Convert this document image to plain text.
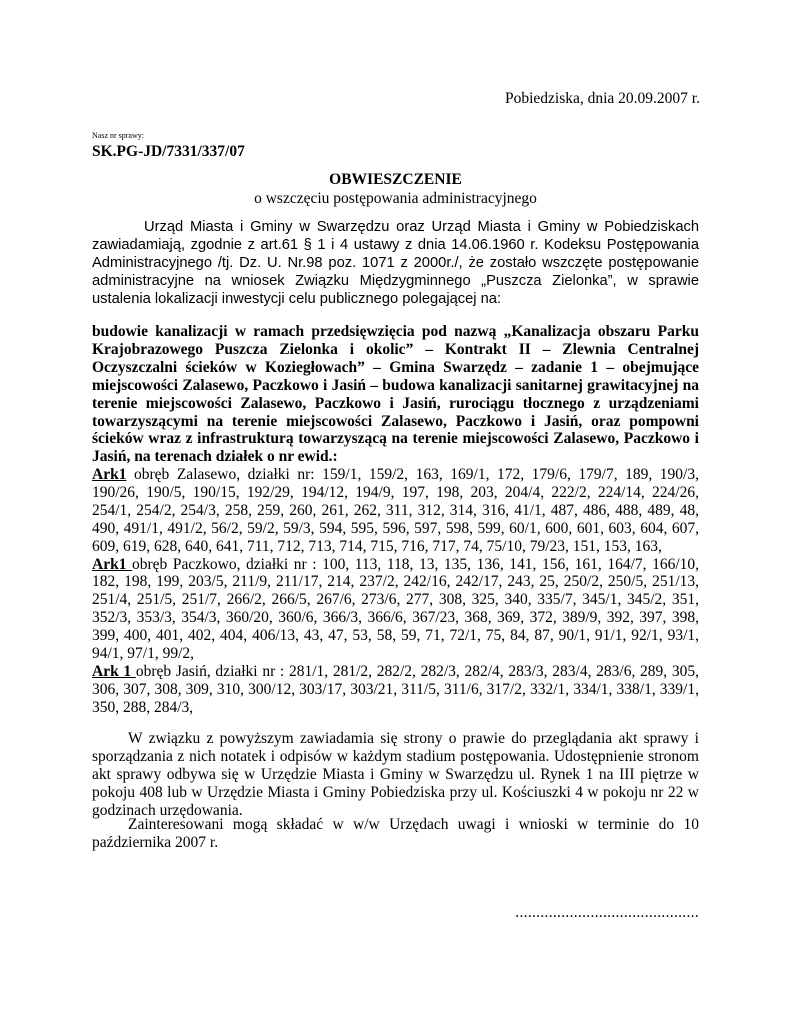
Pobiedziska, dnia 20.09.2007 r.
Nasz nr sprawy:
SK.PG-JD/7331/337/07
OBWIESZCZENIE
o wszczęciu postępowania administracyjnego
Urząd Miasta i Gminy w Swarzędzu oraz Urząd Miasta i Gminy w Pobiedziskach zawiadamiają, zgodnie z art.61 § 1 i 4 ustawy z dnia 14.06.1960 r. Kodeksu Postępowania Administracyjnego /tj. Dz. U. Nr.98 poz. 1071 z 2000r./, że zostało wszczęte postępowanie administracyjne na wniosek Związku Międzygminnego „Puszcza Zielonka”, w sprawie ustalenia lokalizacji inwestycji celu publicznego polegającej na:
budowie kanalizacji w ramach przedsięwzięcia pod nazwą „Kanalizacja obszaru Parku Krajobrazowego Puszcza Zielonka i okolic” – Kontrakt II – Zlewnia Centralnej Oczyszczalni ścieków w Koziegłowach” – Gmina Swarzędz – zadanie 1 – obejmujące miejscowości Zalasewo, Paczkowo i Jasiń – budowa kanalizacji sanitarnej grawitacyjnej na terenie miejscowości Zalasewo, Paczkowo i Jasiń, rurociągu tłocznego z urządzeniami towarzyszącymi na terenie miejscowości Zalasewo, Paczkowo i Jasiń, oraz pompowni ścieków wraz z infrastrukturą towarzyszącą na terenie miejscowości Zalasewo, Paczkowo i Jasiń, na terenach działek o nr ewid.:
Ark1 obręb Zalasewo, działki nr: 159/1, 159/2, 163, 169/1, 172, 179/6, 179/7, 189, 190/3, 190/26, 190/5, 190/15, 192/29, 194/12, 194/9, 197, 198, 203, 204/4, 222/2, 224/14, 224/26, 254/1, 254/2, 254/3, 258, 259, 260, 261, 262, 311, 312, 314, 316, 41/1, 487, 486, 488, 489, 48, 490, 491/1, 491/2, 56/2, 59/2, 59/3, 594, 595, 596, 597, 598, 599, 60/1, 600, 601, 603, 604, 607, 609, 619, 628, 640, 641, 711, 712, 713, 714, 715, 716, 717, 74, 75/10, 79/23, 151, 153, 163,
Ark1 obręb Paczkowo, działki nr : 100, 113, 118, 13, 135, 136, 141, 156, 161, 164/7, 166/10, 182, 198, 199, 203/5, 211/9, 211/17, 214, 237/2, 242/16, 242/17, 243, 25, 250/2, 250/5, 251/13, 251/4, 251/5, 251/7, 266/2, 266/5, 267/6, 273/6, 277, 308, 325, 340, 335/7, 345/1, 345/2, 351, 352/3, 353/3, 354/3, 360/20, 360/6, 366/3, 366/6, 367/23, 368, 369, 372, 389/9, 392, 397, 398, 399, 400, 401, 402, 404, 406/13, 43, 47, 53, 58, 59, 71, 72/1, 75, 84, 87, 90/1, 91/1, 92/1, 93/1, 94/1, 97/1, 99/2,
Ark 1 obręb Jasiń, działki nr : 281/1, 281/2, 282/2, 282/3, 282/4, 283/3, 283/4, 283/6, 289, 305, 306, 307, 308, 309, 310, 300/12, 303/17, 303/21, 311/5, 311/6, 317/2, 332/1, 334/1, 338/1, 339/1, 350, 288, 284/3,
W związku z powyższym zawiadamia się strony o prawie do przeglądania akt sprawy i sporządzania z nich notatek i odpisów w każdym stadium postępowania. Udostępnienie stronom akt sprawy odbywa się w Urzędzie Miasta i Gminy w Swarzędzu ul. Rynek 1 na III piętrze w pokoju 408 lub w Urzędzie Miasta i Gminy Pobiedziska przy ul. Kościuszki 4 w pokoju nr 22 w godzinach urzędowania.
Zainteresowani mogą składać w w/w Urzędach uwagi i wnioski w terminie do 10 października 2007 r.
............................................
